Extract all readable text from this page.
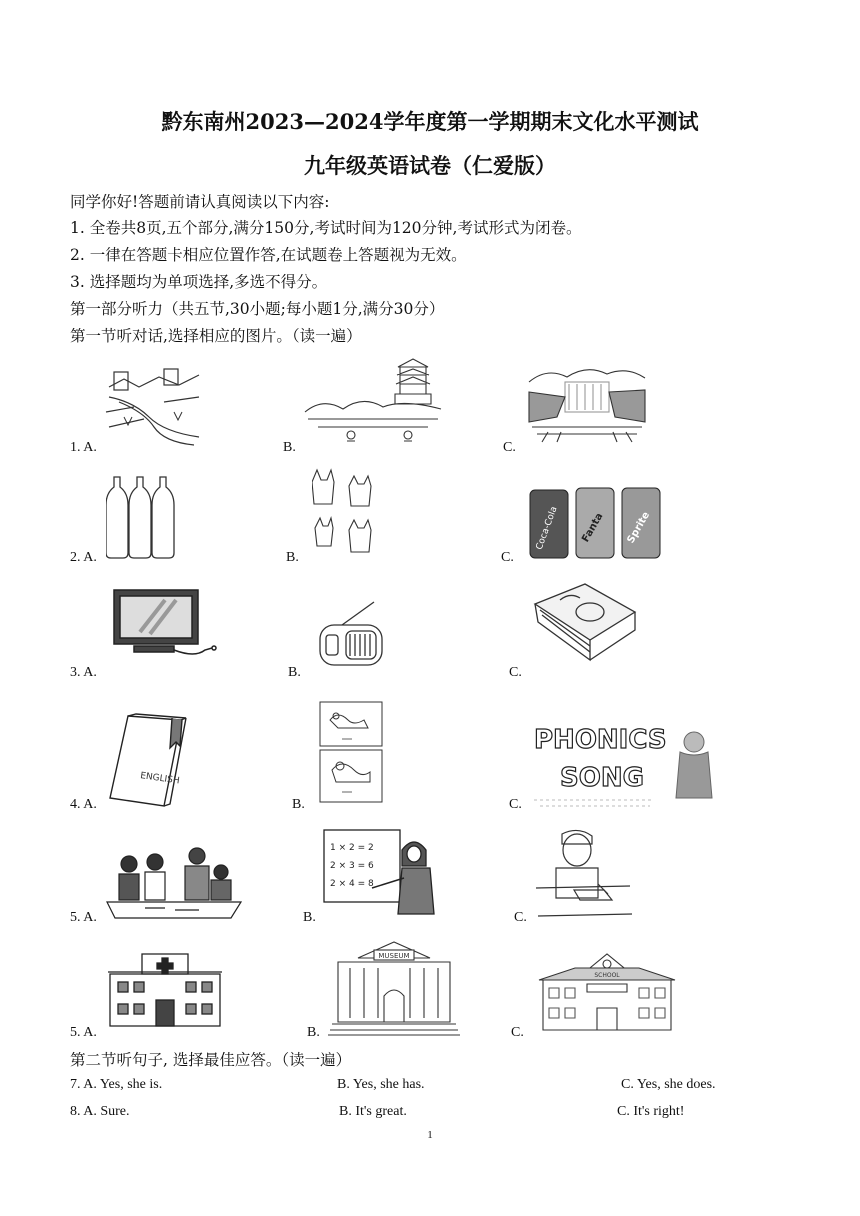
黔东南州2023—2024学年度第一学期期末文化水平测试
九年级英语试卷（仁爱版）
同学你好!答题前请认真阅读以下内容:
1. 全卷共8页,五个部分,满分150分,考试时间为120分钟,考试形式为闭卷。
2. 一律在答题卡相应位置作答,在试题卷上答题视为无效。
3. 选择题均为单项选择,多选不得分。
第一部分听力（共五节,30小题;每小题1分,满分30分）
第一节听对话,选择相应的图片。（读一遍）
1. A.	B.	C.
2. A.	B.	C.
Coca-Cola Fanta Sprite
3. A.	B.	C.
4. A.	B.	C.
ENGLISH
PHONICS
SONG
5. A.	B.	C.
1 × 2 = 2
2 × 3 = 6
2 × 4 = 8
5. A.	B.	C.
MUSEUM
SCHOOL
第二节听句子, 选择最佳应答。（读一遍）
7. A. Yes, she is.	B. Yes, she has.	C. Yes, she does.
8. A. Sure.	B. It's great.	C. It's right!
1
